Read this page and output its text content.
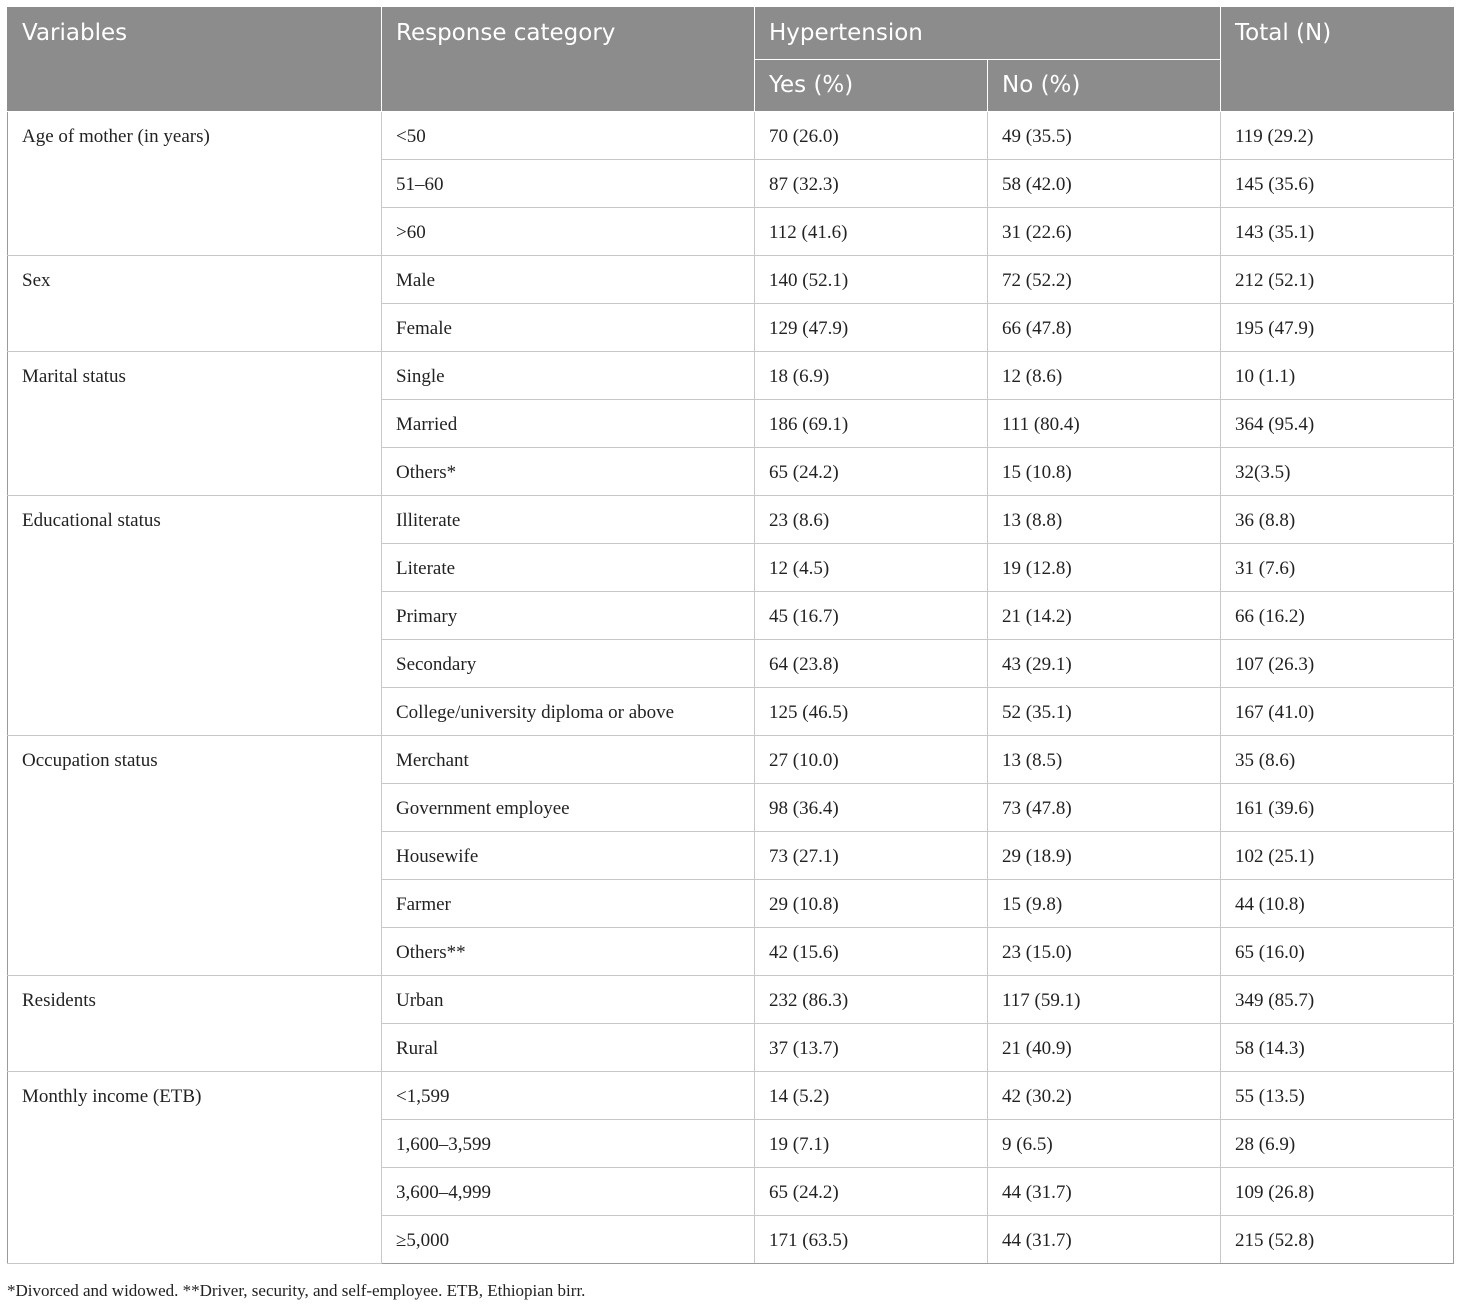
Variables	Response category	Hypertension		Total (N)
		Yes (%)	No (%)	
Age of mother (in years)	<50	70 (26.0)	49 (35.5)	119 (29.2)
	51–60	87 (32.3)	58 (42.0)	145 (35.6)
	>60	112 (41.6)	31 (22.6)	143 (35.1)
Sex	Male	140 (52.1)	72 (52.2)	212 (52.1)
	Female	129 (47.9)	66 (47.8)	195 (47.9)
Marital status	Single	18 (6.9)	12 (8.6)	10 (1.1)
	Married	186 (69.1)	111 (80.4)	364 (95.4)
	Others*	65 (24.2)	15 (10.8)	32(3.5)
Educational status	Illiterate	23 (8.6)	13 (8.8)	36 (8.8)
	Literate	12 (4.5)	19 (12.8)	31 (7.6)
	Primary	45 (16.7)	21 (14.2)	66 (16.2)
	Secondary	64 (23.8)	43 (29.1)	107 (26.3)
	College/university diploma or above	125 (46.5)	52 (35.1)	167 (41.0)
Occupation status	Merchant	27 (10.0)	13 (8.5)	35 (8.6)
	Government employee	98 (36.4)	73 (47.8)	161 (39.6)
	Housewife	73 (27.1)	29 (18.9)	102 (25.1)
	Farmer	29 (10.8)	15 (9.8)	44 (10.8)
	Others**	42 (15.6)	23 (15.0)	65 (16.0)
Residents	Urban	232 (86.3)	117 (59.1)	349 (85.7)
	Rural	37 (13.7)	21 (40.9)	58 (14.3)
Monthly income (ETB)	<1,599	14 (5.2)	42 (30.2)	55 (13.5)
	1,600–3,599	19 (7.1)	9 (6.5)	28 (6.9)
	3,600–4,999	65 (24.2)	44 (31.7)	109 (26.8)
	≥5,000	171 (63.5)	44 (31.7)	215 (52.8)
*Divorced and widowed. **Driver, security, and self-employee. ETB, Ethiopian birr.
